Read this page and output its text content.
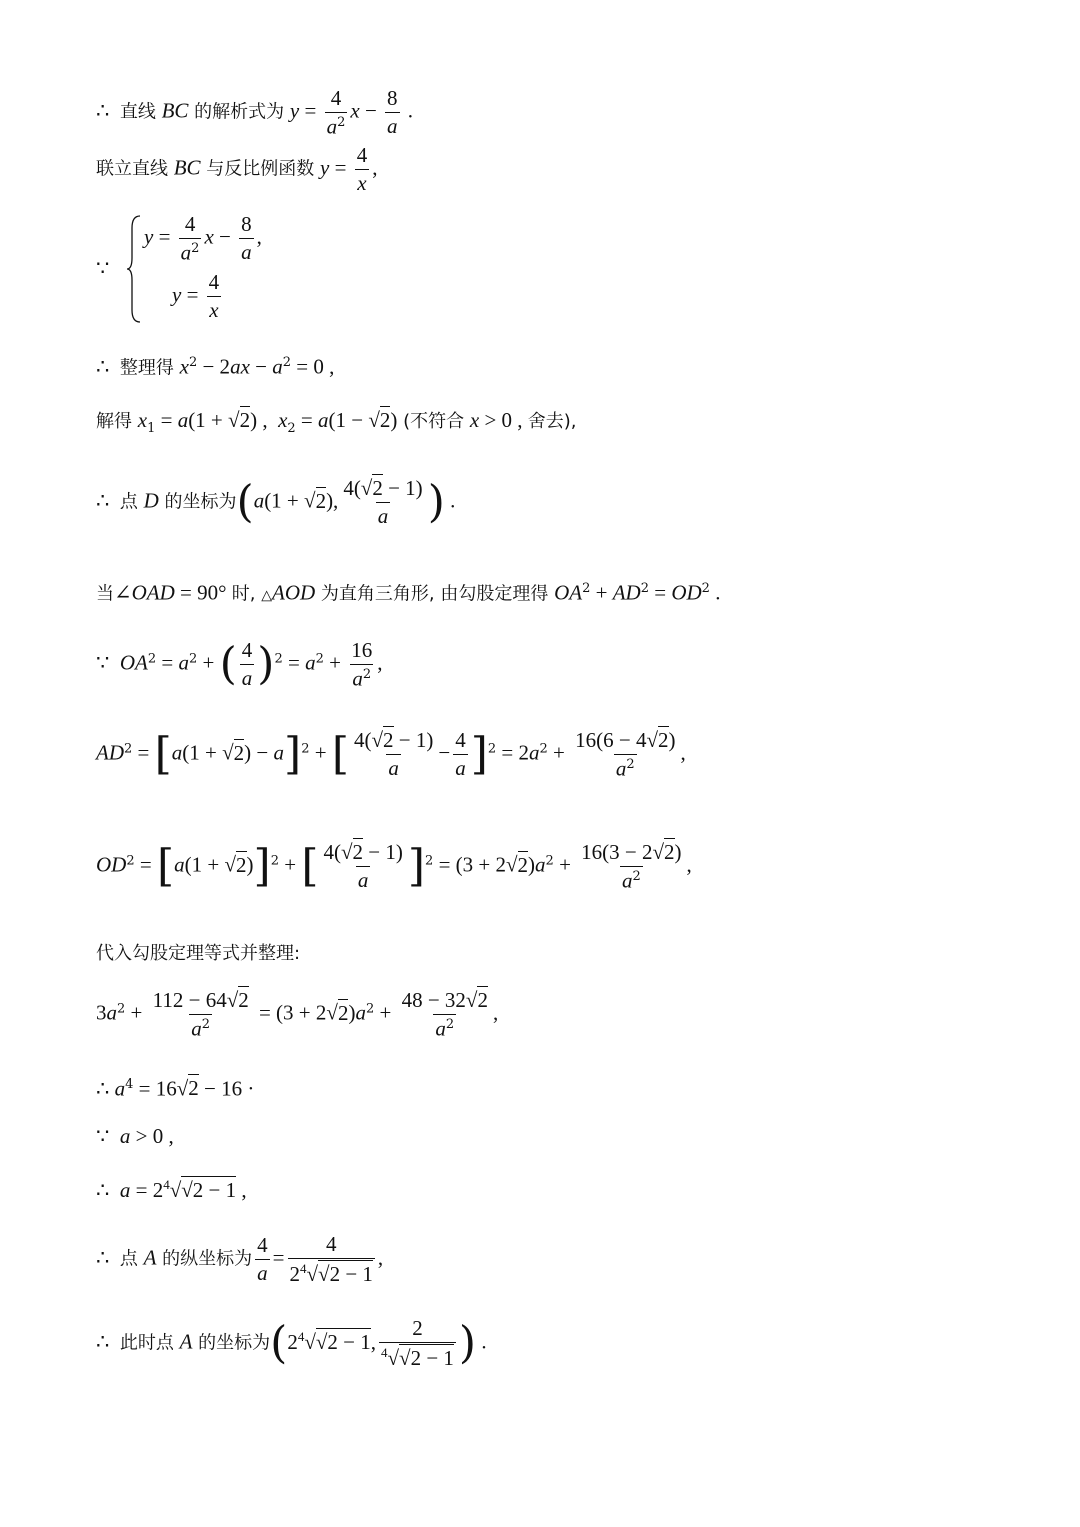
∴  直线 BC 的解析式为 $y = \frac{4}{a^2}$ $x - \frac{8}{a}$ .
联立直线 BC 与反比例函数 $y = \frac{4}{x}$ ,
∵
$y = \frac{4}{a^2}$ $x - \frac{8}{a}$ ,
$y = \frac{4}{x}$
∴  整理得 $x^2 - 2ax - a^2 = 0$ ,
解得 $x_1 = a(1 + √2)$ ,  $x_2 = a(1 - √2)$ (不符合 x > 0 , 舍去),
∴  点 D 的坐标为(a(1 + √2), $\frac{4(√2 - 1)}{a}$ ) .
当∠OAD = 90° 时, △AOD 为直角三角形, 由勾股定理得 $OA^2 + AD^2 = OD^2$ .
∵  $OA^2 = a^2$ + ( $\frac{4}{a} )^2 = a^2 + \frac{16}{a^2}$ ,
$AD^2 = [a(1 + √2) - a]^2$ + [ $\frac{4(√2 - 1)}{a} - \frac{4}{a} ]^2 = 2a^2 + \frac{16(6 - 4√2)}{a^2}$ ,
$OD^2 = [a(1 + √2)]^2$ + [ $\frac{4(√2 - 1)}{a} ]^2 = (3 + 2√2)a^2 + \frac{16(3 - 2√2)}{a^2}$ ,
代入勾股定理等式并整理:
$3a^2 + \frac{112 - 64√2}{a^2} = (3 + 2√2)a^2 + \frac{48 - 32√2}{a^2}$ ,
∴ $a^4 = 16√2 - 16$ ·
∵  a > 0 ,
∴  $a = 2^4√√2 - 1$ ,
∴  点 A 的纵坐标为 $\frac{4}{a} = \frac{4}{2^4√√2 - 1}$ ,
∴  此时点 A 的坐标为($2^4√√2 - 1$, $\frac{2}{^4√√2 - 1}$ ) .
